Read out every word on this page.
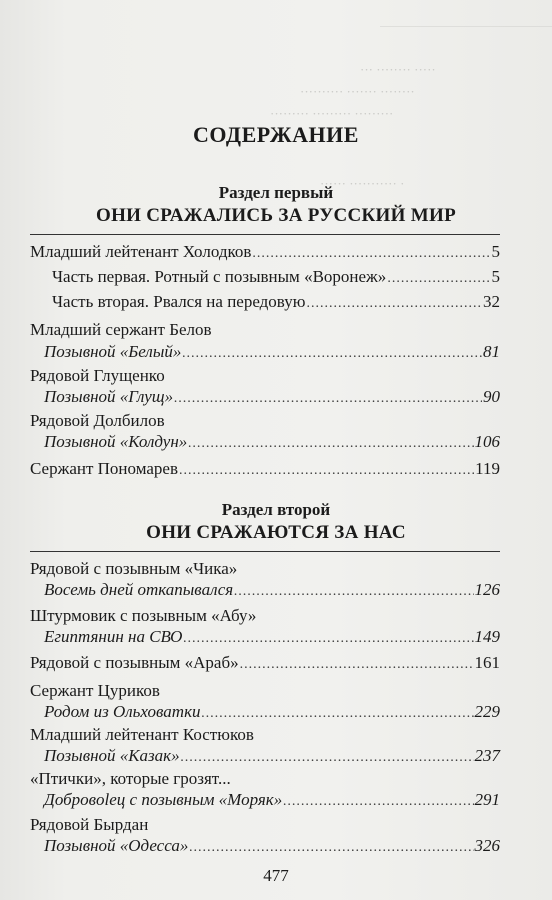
··· ········ ·····
·········· ······· ········
········· ········· ·········
······ ··········· ·
СОДЕРЖАНИЕ
Раздел первый
ОНИ СРАЖАЛИСЬ ЗА РУССКИЙ МИР
Младший лейтенант Холодков .....	5
Часть первая. Ротный с позывным «Воронеж» .....	5
Часть вторая. Рвался на передовую .....	32
Младший сержант Белов
Позывной «Белый» .....	81
Рядовой Глущенко
Позывной «Глущ» .....	90
Рядовой Долбилов
Позывной «Колдун» .....	106
Сержант Пономарев .....	119
Раздел второй
ОНИ СРАЖАЮТСЯ ЗА НАС
Рядовой с позывным «Чика»
Восемь дней откапывался .....	126
Штурмовик с позывным «Абу»
Египтянин на СВО .....	149
Рядовой с позывным «Араб» .....	161
Сержант Цуриков
Родом из Ольховатки .....	229
Младший лейтенант Костюков
Позывной «Казак» .....	237
«Птички», которые грозят...
Добровolец с позывным «Моряк» .....	291
Рядовой Бырдан
Позывной «Одесса» .....	326
477
